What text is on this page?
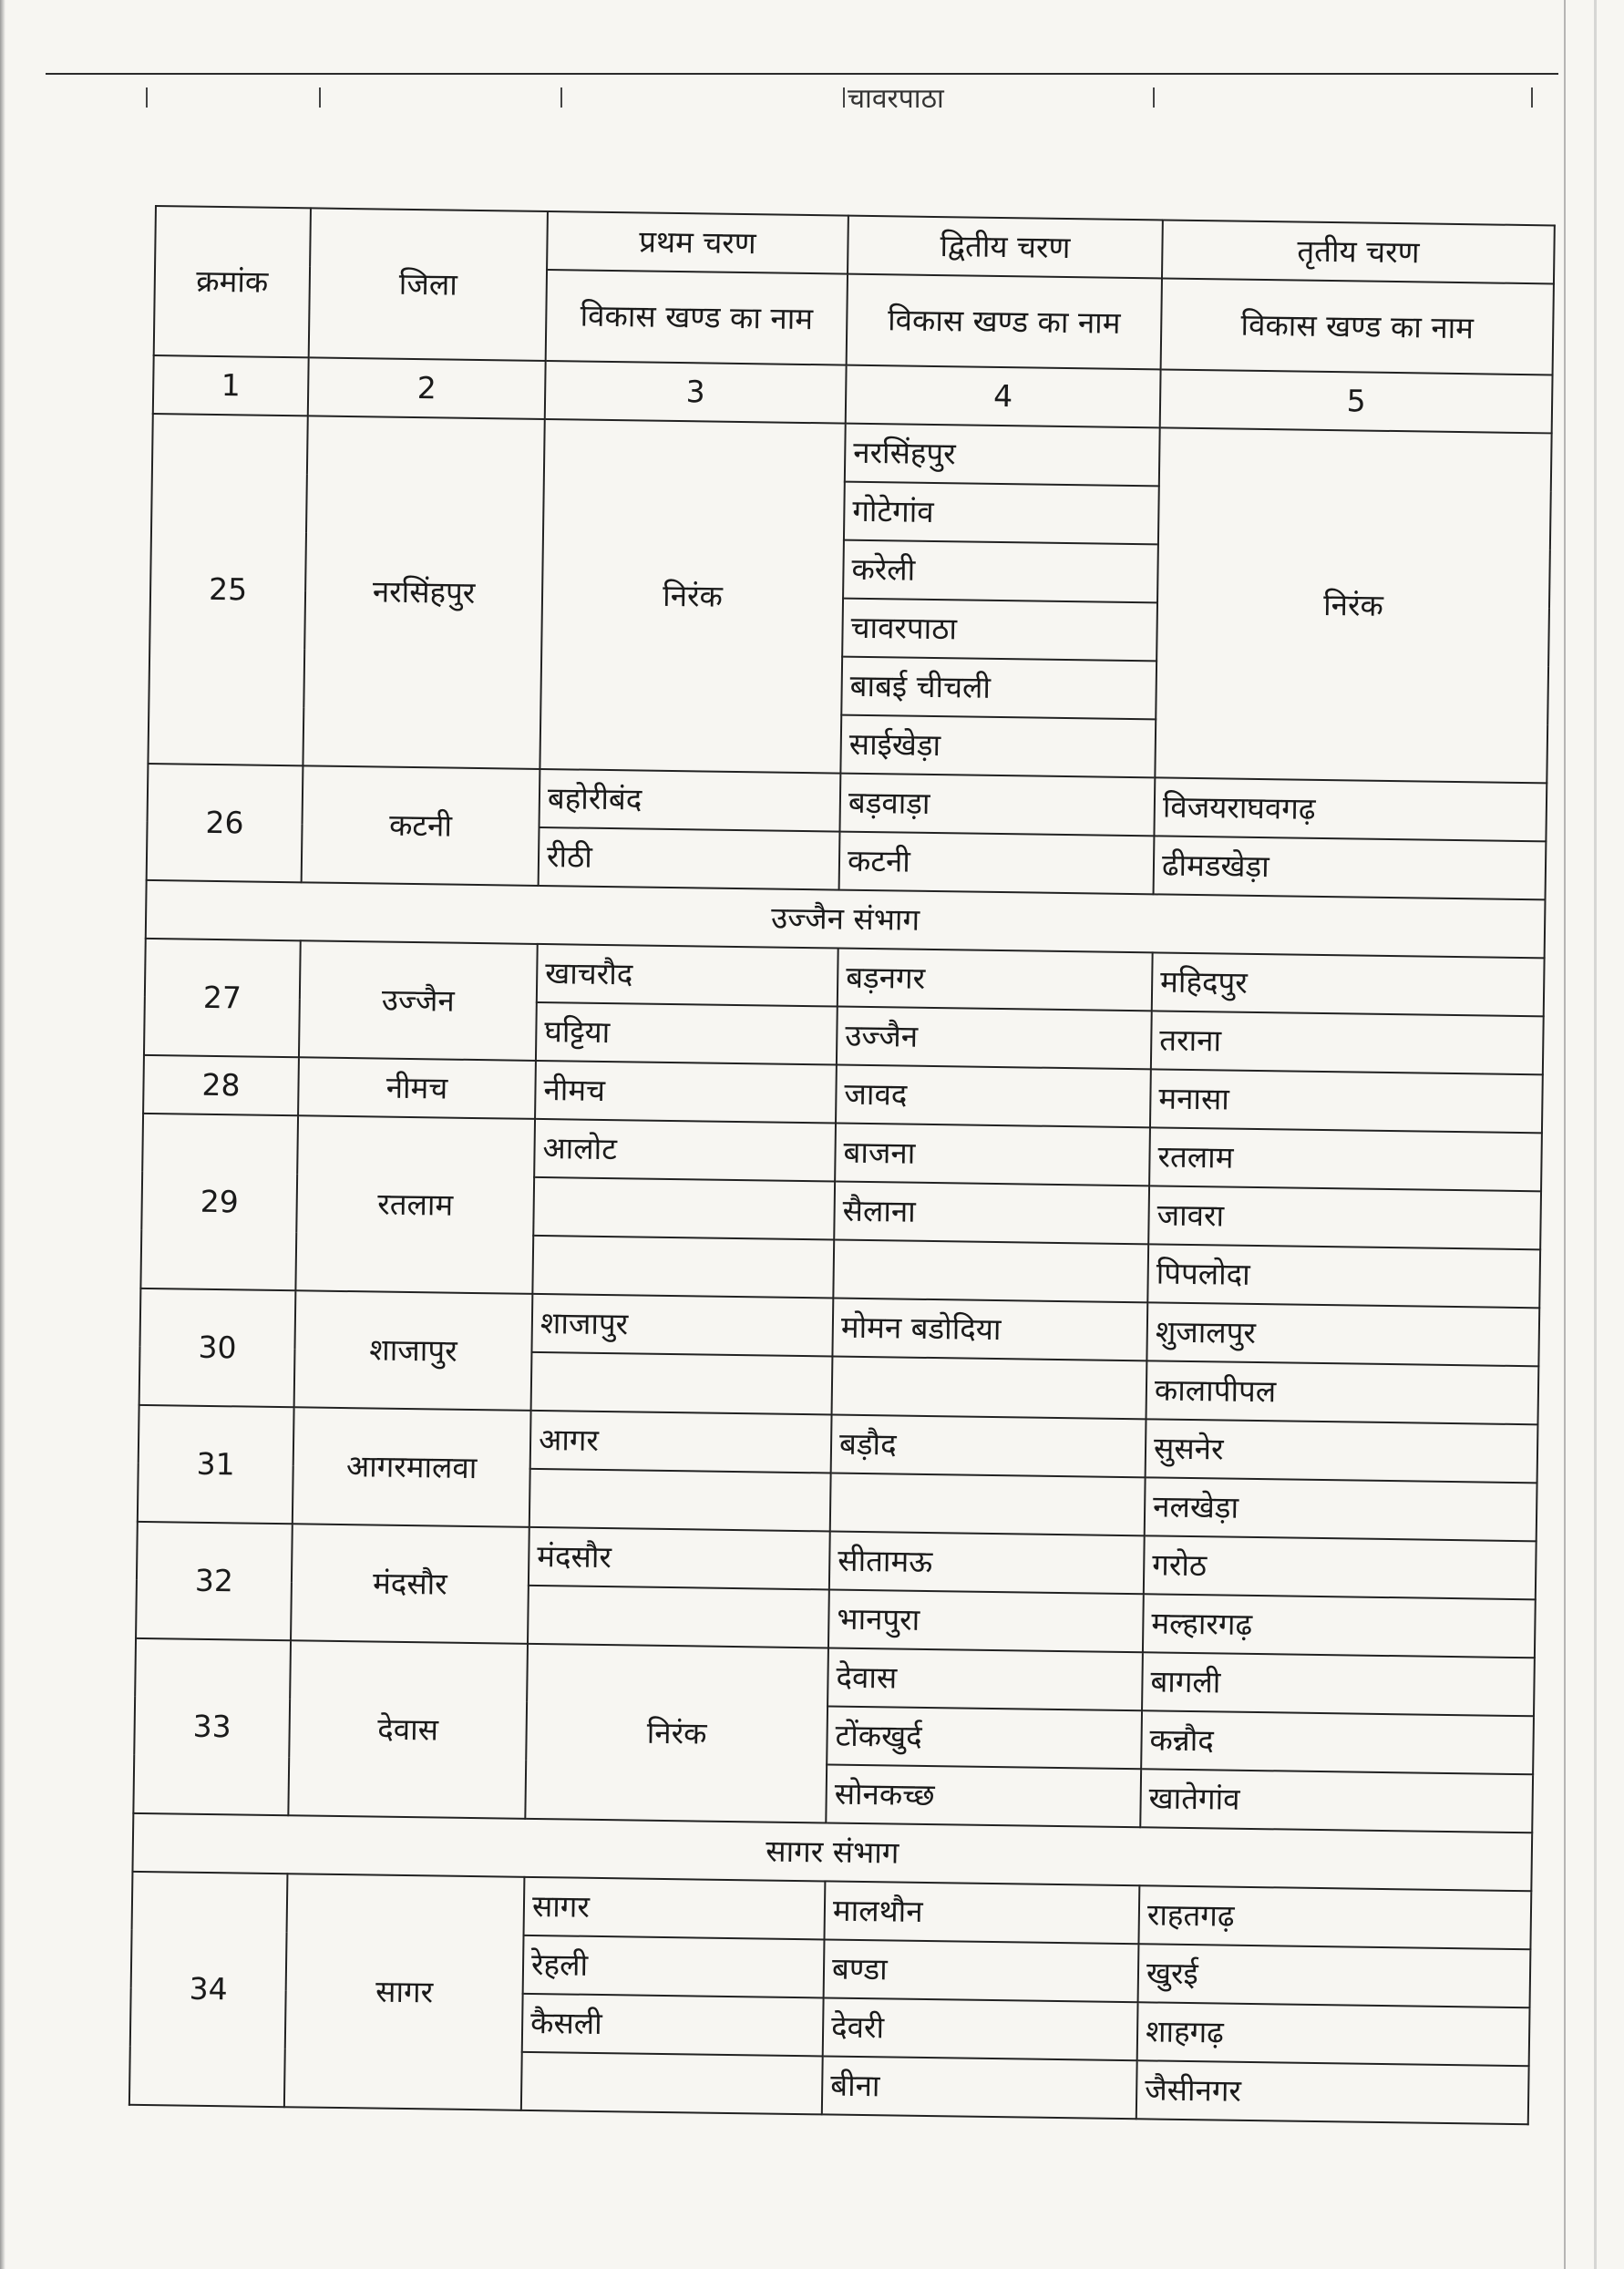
चावरपाठा
क्रमांक	जिला	प्रथम चरण	द्वितीय चरण	तृतीय चरण
		विकास खण्ड का नाम	विकास खण्ड का नाम	विकास खण्ड का नाम
1	2	3	4	5
25	नरसिंहपुर	निरंक	नरसिंहपुर	निरंक
			गोटेगांव	
			करेली	
			चावरपाठा	
			बाबई चीचली	
			साईखेड़ा	
26	कटनी	बहोरीबंद	बड़वाड़ा	विजयराघवगढ़
		रीठी	कटनी	ढीमडखेड़ा
उज्जैन संभाग				
27	उज्जैन	खाचरौद	बड़नगर	महिदपुर
		घट्टिया	उज्जैन	तराना
28	नीमच	नीमच	जावद	मनासा
29	रतलाम	आलोट	बाजना	रतलाम
			सैलाना	जावरा
				पिपलोदा
30	शाजापुर	शाजापुर	मोमन बडोदिया	शुजालपुर
				कालापीपल
31	आगरमालवा	आगर	बड़ौद	सुसनेर
				नलखेड़ा
32	मंदसौर	मंदसौर	सीतामऊ	गरोठ
			भानपुरा	मल्हारगढ़
33	देवास	निरंक	देवास	बागली
			टोंकखुर्द	कन्नौद
			सोनकच्छ	खातेगांव
सागर संभाग				
34	सागर	सागर	मालथौन	राहतगढ़
		रेहली	बण्डा	खुरई
		कैसली	देवरी	शाहगढ़
			बीना	जैसीनगर
